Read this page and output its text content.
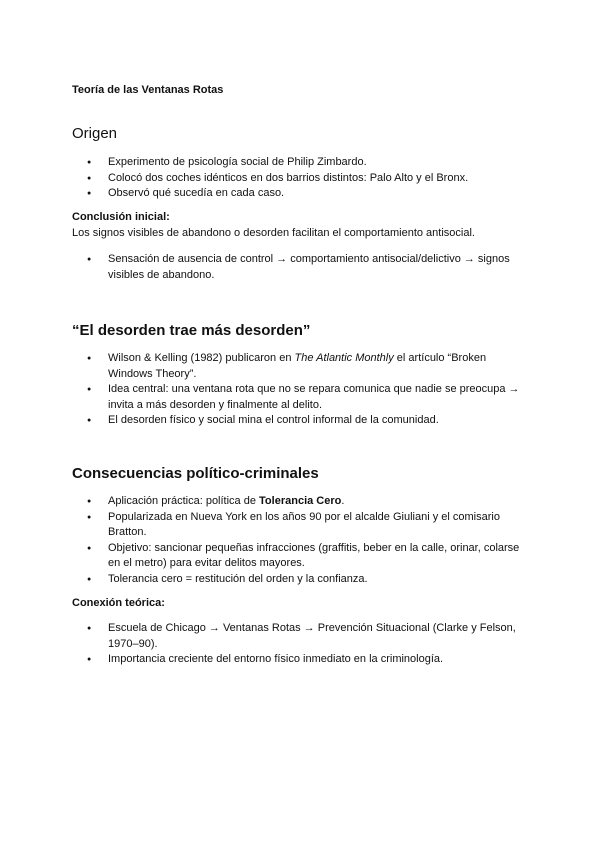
Teoría de las Ventanas Rotas
Origen
● Experimento de psicología social de Philip Zimbardo.
● Colocó dos coches idénticos en dos barrios distintos: Palo Alto y el Bronx.
● Observó qué sucedía en cada caso.
Conclusión inicial:

Los signos visibles de abandono o desorden facilitan el comportamiento antisocial.

● Sensación de ausencia de control → comportamiento antisocial/delictivo → signos visibles de abandono.
“El desorden trae más desorden”
● Wilson & Kelling (1982) publicaron en The Atlantic Monthly el artículo “Broken Windows Theory”.
● Idea central: una ventana rota que no se repara comunica que nadie se preocupa → invita a más desorden y finalmente al delito.
● El desorden físico y social mina el control informal de la comunidad.
Consecuencias político-criminales
● Aplicación práctica: política de Tolerancia Cero.
● Popularizada en Nueva York en los años 90 por el alcalde Giuliani y el comisario Bratton.
● Objetivo: sancionar pequeñas infracciones (graffitis, beber en la calle, orinar, colarse en el metro) para evitar delitos mayores.
● Tolerancia cero = restitución del orden y la confianza.
Conexión teórica:
● Escuela de Chicago → Ventanas Rotas → Prevención Situacional (Clarke y Felson, 1970–90).
● Importancia creciente del entorno físico inmediato en la criminología.
